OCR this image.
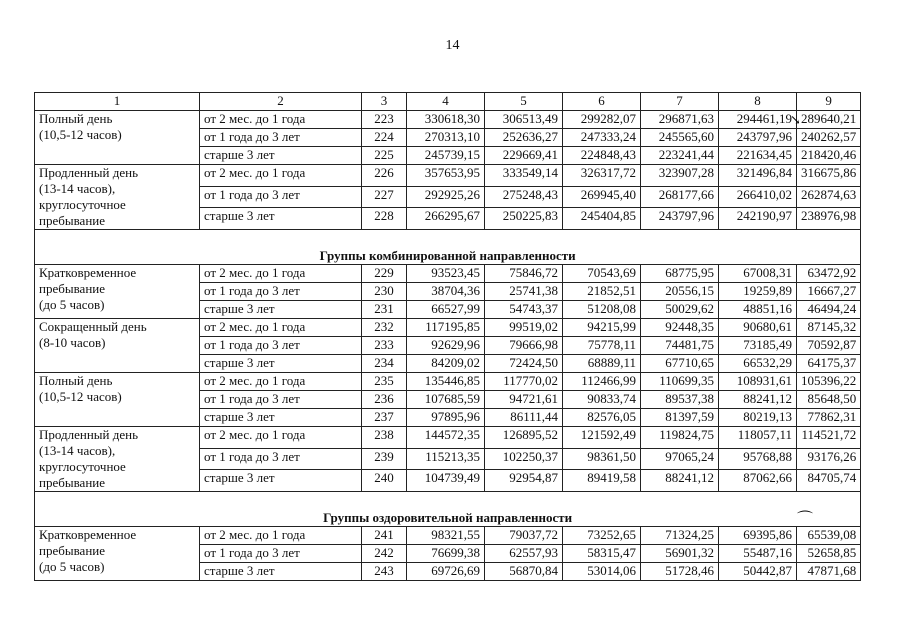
14
1	2	3	4	5	6	7	8	9
Полный день
(10,5-12 часов)	от 2 мес. до 1 года	223	330618,30	306513,49	299282,07	296871,63	294461,19	289640,21
	от 1 года до 3 лет	224	270313,10	252636,27	247333,24	245565,60	243797,96	240262,57
	старше 3 лет	225	245739,15	229669,41	224848,43	223241,44	221634,45	218420,46
Продленный день
(13-14 часов),
круглосуточное
пребывание	от 2 мес. до 1 года	226	357653,95	333549,14	326317,72	323907,28	321496,84	316675,86
	от 1 года до 3 лет	227	292925,26	275248,43	269945,40	268177,66	266410,02	262874,63
	старше 3 лет	228	266295,67	250225,83	245404,85	243797,96	242190,97	238976,98

Группы комбинированной направленности								
Кратковременное
пребывание
(до 5 часов)	от 2 мес. до 1 года	229	93523,45	75846,72	70543,69	68775,95	67008,31	63472,92
	от 1 года до 3 лет	230	38704,36	25741,38	21852,51	20556,15	19259,89	16667,27
	старше 3 лет	231	66527,99	54743,37	51208,08	50029,62	48851,16	46494,24
Сокращенный день
(8-10 часов)	от 2 мес. до 1 года	232	117195,85	99519,02	94215,99	92448,35	90680,61	87145,32
	от 1 года до 3 лет	233	92629,96	79666,98	75778,11	74481,75	73185,49	70592,87
	старше 3 лет	234	84209,02	72424,50	68889,11	67710,65	66532,29	64175,37
Полный день
(10,5-12 часов)	от 2 мес. до 1 года	235	135446,85	117770,02	112466,99	110699,35	108931,61	105396,22
	от 1 года до 3 лет	236	107685,59	94721,61	90833,74	89537,38	88241,12	85648,50
	старше 3 лет	237	97895,96	86111,44	82576,05	81397,59	80219,13	77862,31
Продленный день
(13-14 часов),
круглосуточное
пребывание	от 2 мес. до 1 года	238	144572,35	126895,52	121592,49	119824,75	118057,11	114521,72
	от 1 года до 3 лет	239	115213,35	102250,37	98361,50	97065,24	95768,88	93176,26
	старше 3 лет	240	104739,49	92954,87	89419,58	88241,12	87062,66	84705,74

Группы оздоровительной направленности								
Кратковременное
пребывание
(до 5 часов)	от 2 мес. до 1 года	241	98321,55	79037,72	73252,65	71324,25	69395,86	65539,08
	от 1 года до 3 лет	242	76699,38	62557,93	58315,47	56901,32	55487,16	52658,85
	старше 3 лет	243	69726,69	56870,84	53014,06	51728,46	50442,87	47871,68
↘
⌒
